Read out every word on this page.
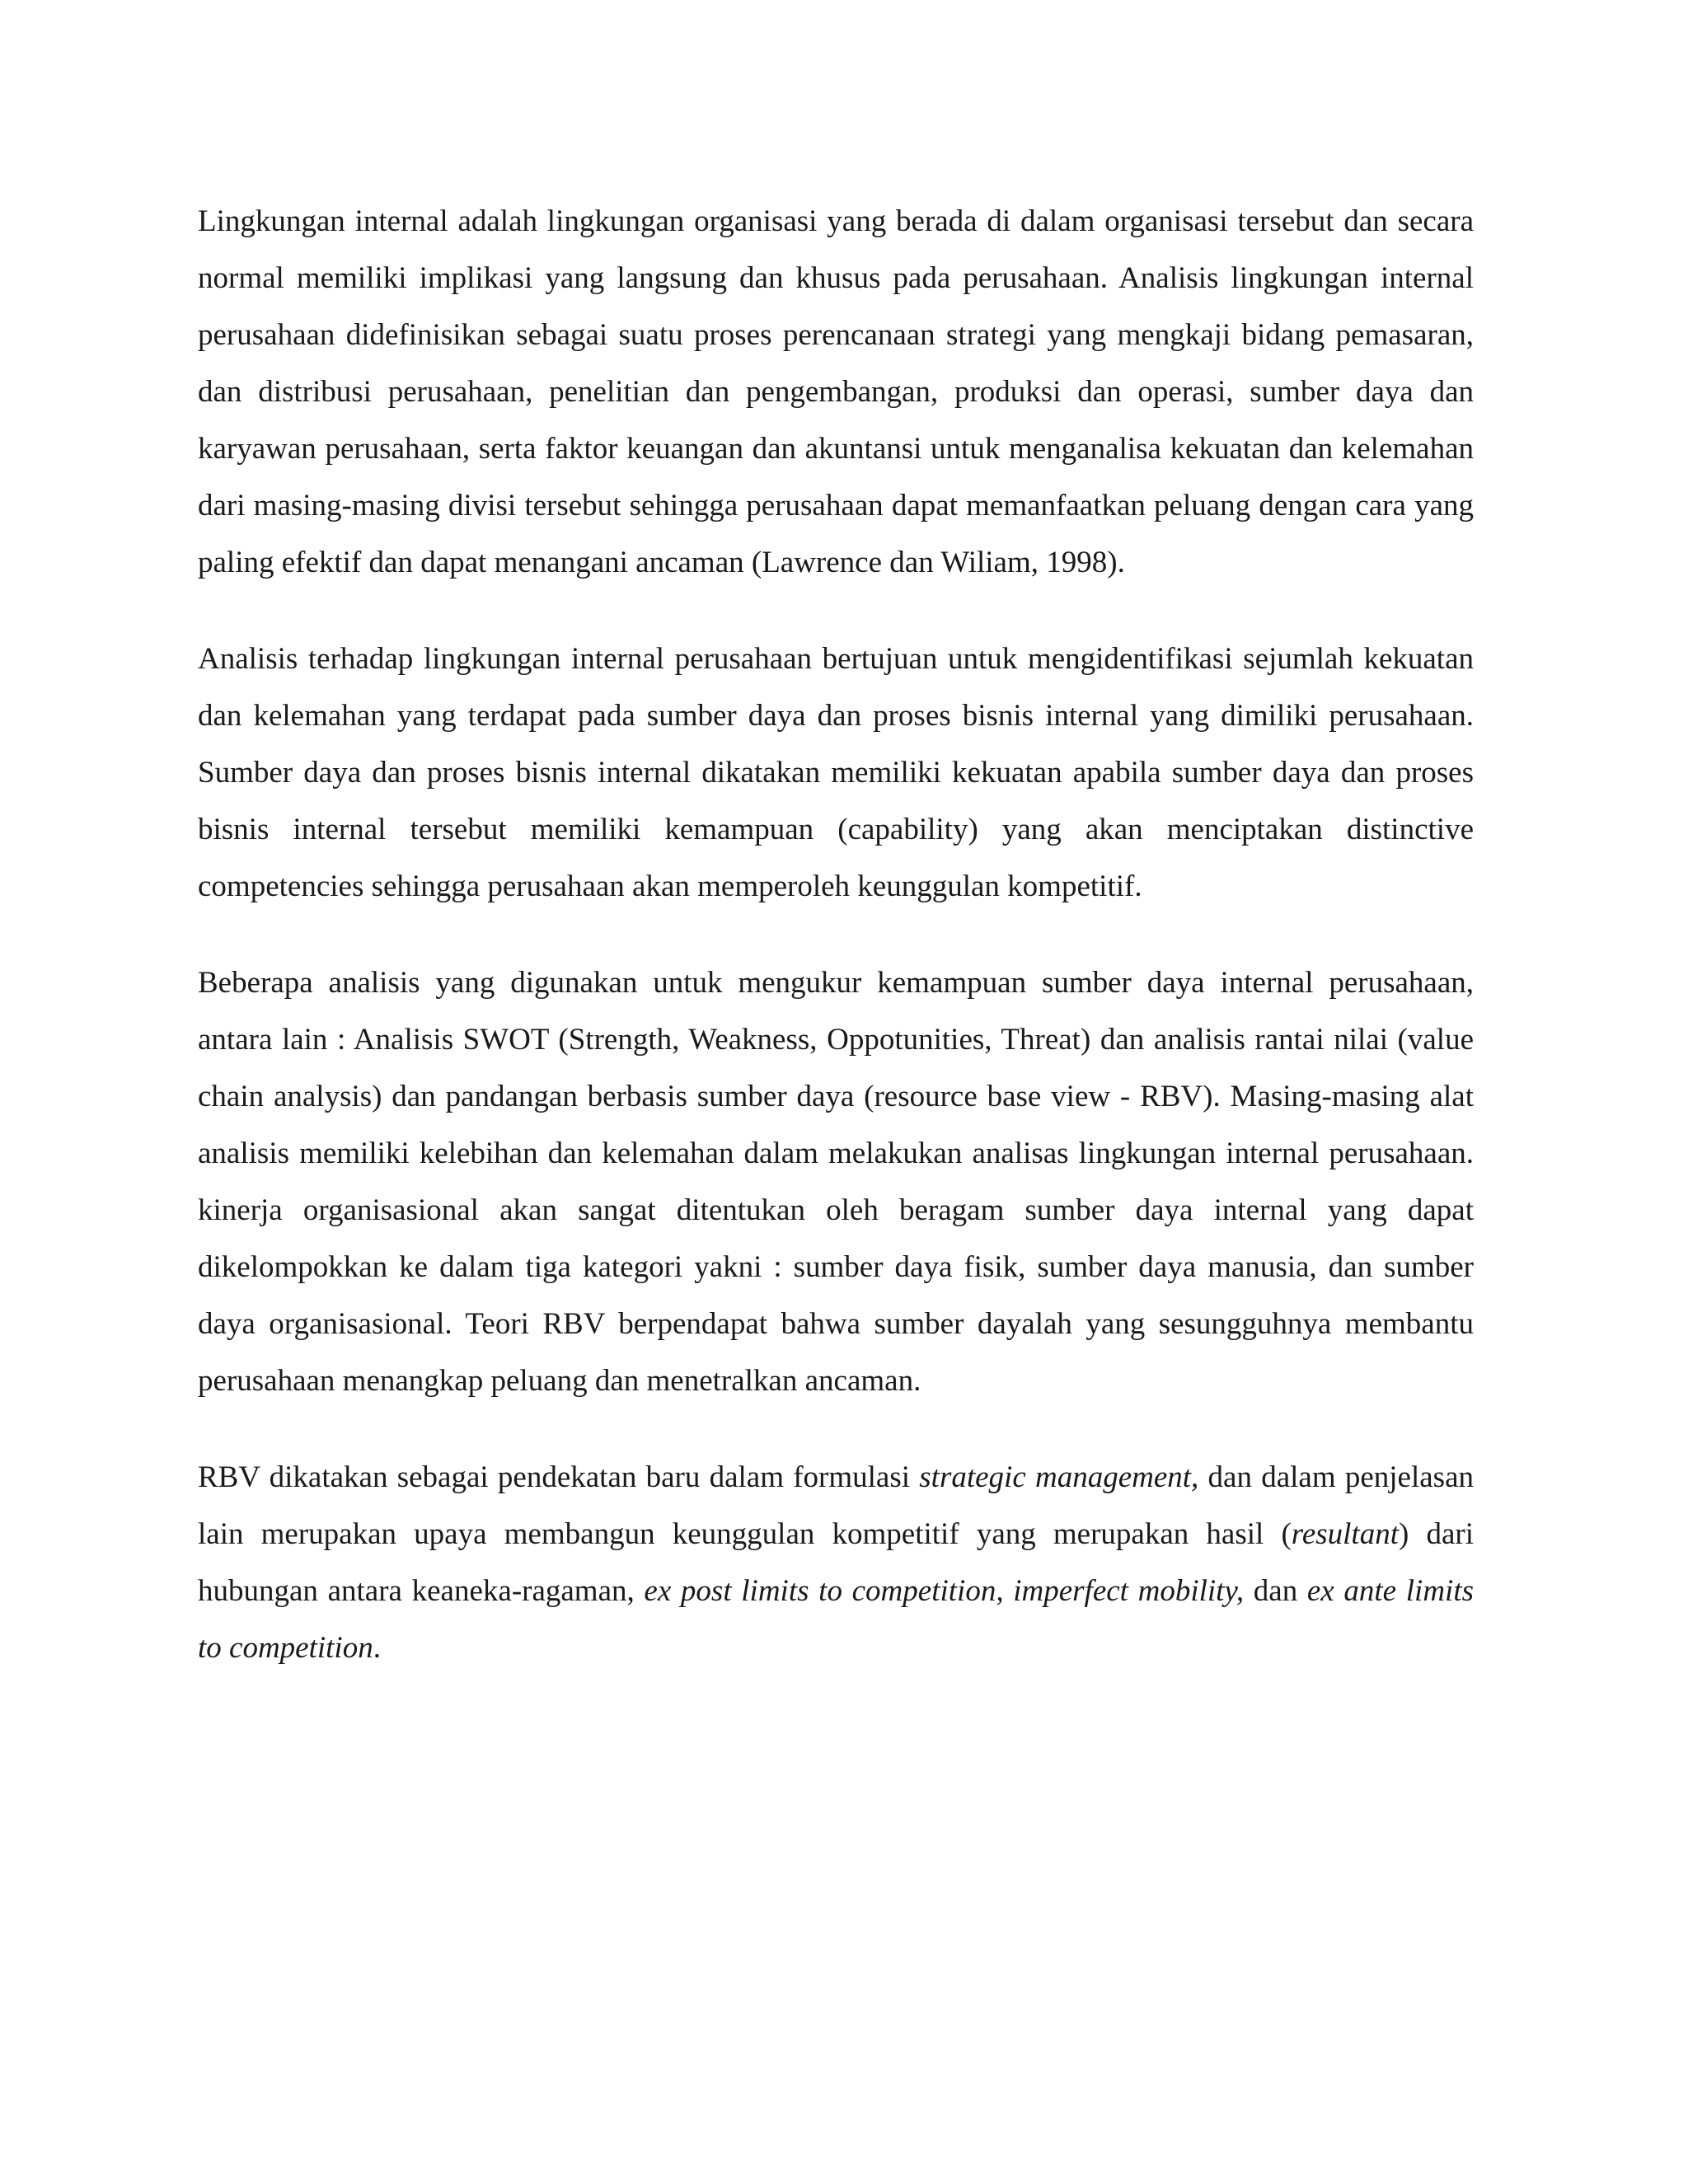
Lingkungan internal adalah lingkungan organisasi yang berada di dalam organisasi tersebut dan secara normal memiliki implikasi yang langsung dan khusus pada perusahaan. Analisis lingkungan internal perusahaan didefinisikan sebagai suatu proses perencanaan strategi yang mengkaji bidang pemasaran, dan distribusi perusahaan, penelitian dan pengembangan, produksi dan operasi, sumber daya dan karyawan perusahaan, serta faktor keuangan dan akuntansi untuk menganalisa kekuatan dan kelemahan dari masing-masing divisi tersebut sehingga perusahaan dapat memanfaatkan peluang dengan cara yang paling efektif dan dapat menangani ancaman (Lawrence dan Wiliam, 1998).

Analisis terhadap lingkungan internal perusahaan bertujuan untuk mengidentifikasi sejumlah kekuatan dan kelemahan yang terdapat pada sumber daya dan proses bisnis internal yang dimiliki perusahaan. Sumber daya dan proses bisnis internal dikatakan memiliki kekuatan apabila sumber daya dan proses bisnis internal tersebut memiliki kemampuan (capability) yang akan menciptakan distinctive competencies sehingga perusahaan akan memperoleh keunggulan kompetitif.

Beberapa analisis yang digunakan untuk mengukur kemampuan sumber daya internal perusahaan, antara lain : Analisis SWOT (Strength, Weakness, Oppotunities, Threat) dan analisis rantai nilai (value chain analysis) dan pandangan berbasis sumber daya (resource base view - RBV). Masing-masing alat analisis memiliki kelebihan dan kelemahan dalam melakukan analisas lingkungan internal perusahaan. kinerja organisasional akan sangat ditentukan oleh beragam sumber daya internal yang dapat dikelompokkan ke dalam tiga kategori yakni : sumber daya fisik, sumber daya manusia, dan sumber daya organisasional. Teori RBV berpendapat bahwa sumber dayalah yang sesungguhnya membantu perusahaan menangkap peluang dan menetralkan ancaman.

RBV dikatakan sebagai pendekatan baru dalam formulasi strategic management, dan dalam penjelasan lain merupakan upaya membangun keunggulan kompetitif yang merupakan hasil (resultant) dari hubungan antara keaneka-ragaman, ex post limits to competition, imperfect mobility, dan ex ante limits to competition.
